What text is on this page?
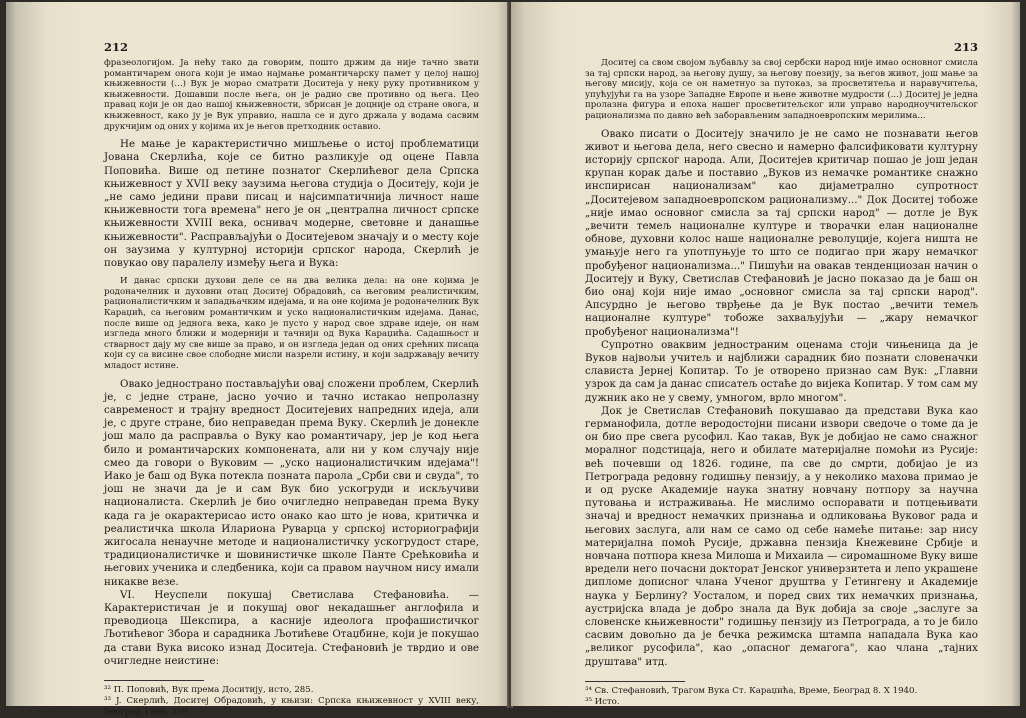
212

фразеологијом. Ја нећу тако да говорим, пошто држим да није тачно звати романтичарем оногa који je имао најмање романтичарску памет у целој нашој књижевности (...) Вук je морао сматрати Доситеја у неку руку противником у књижевности. Дошавши после њега, он je радио све противно од њега. Цео правац који je он дао нашој књижевности, збрисан je доцније од стране овога, и књижевност, како jу je Вук управио, нашла се и дуго држала у водама сасвим друкчијим од оних у којима их je његов претходник оставио.

Не мање je карактеристично мишљење о истој проблематици Јована Скерлића, које се битно разликује од оцене Павла Поповића. Више од петине познатог Скерлићевог дела Српска књижевност у XVII веку заузима његова студија о Доситеју, који je „не само једини прави писац и најсимпатичнија личност наше књижевности тога времена" него je он „централна личност српске књижевности XVIII века, оснивач модерне, световне и данашње књижевности". Расправљајући о Доситејевом значају и о месту које он заузима у културној историји српског народа, Скерлић je повукао ову паралелу између њега и Вука:

И данас српски духови деле се на два велика дела: на оне којима je родоначелник и духовни отац Доситеј Обрадовић, са његовим реалистичким, рационалистичким и западњачким идејама, и на оне којима je родоначелник Вук Караџић, са његовим романтичким и уско националистичким идејама. Данас, после више од једнога века, како je пусто у народ свое здраве идеје, он нам изгледа много ближи и модернији и тачнији од Вука Караџића. Садашњост и стварност дају му све више за право, и он изгледа један од оних срећних писаца који су са висине свое слободне мисли назрели истину, и који задржавају вечиту младост истине.

Овако једнострано постављајући овај сложени проблем, Скерлић je, с једне стране, јасно уочио и тачно истакао непролазну савременост и трајну вредност Доситејевих напредних идеја, али je, с друге стране, био неправедан према Вуку. Скерлић je донекле још мало да расправља о Вуку као романтичару, јер je код њега било и романтичарских компонената, али ни у ком случају није смео да говори о Вуковим — „уско националистичким идејама"! Иако je баш од Вука потекла позната парола „Срби сви и свуда", то још не значи да je и сам Вук био ускогруди и искључиви националиста. Скерлић je био очигледно неправедан према Вуку када га je окарактерисао исто онако као што je нова, критичка и реалистичка школа Илариона Руварца у српској историографији жигосала ненаучне методе и националистичку ускогрудост старе, традиционалистичке и шовинистичке школе Панте Срећковића и његових ученика и следбеника, који са правом научном нису имали никакве везе.

VI. Неуспели покушај Светислава Стефановића. — Карактеристичан je и покушај овог некадашњег англофила и преводиоца Шекспира, а касније идеолога профашистичког Љотићевог Збора и сарадника Љотићеве Отаџбине, који je покушао да стави Вука високо изнад Доситеја. Стефановић je тврдио и ове очигледне неистине:

³² П. Поповић, Вук према Доситију, исто, 285.

³³ J. Скерлић, Доситеј Обрадовић, у књизи: Српска књижевност у XVIII веку, Београд 1966, 359.

213

Доситеј са свом својом љубављу за свој сербски народ није имао основног смисла за тај српски народ, за његову душу, за његову поезију, за његов живот, још мање за његову мисију, која се он наметнуо за путоказ, за просветитеља и наравучитеља, упућујући га на узоре Западне Европе и њене животне мудрости (...) Доситеј je једна пролазна фигура и епоха нашег просветитељског или управо народноучитељског рационализма по давно већ заборављеним западноевропским мерилима...

Овако писати о Доситеју значило je не само не познавати његов живот и његова дела, него свесно и намерно фалсификовати културну историју српског народа. Али, Доситејев критичар пошао je још један крупан корак даље и поставио „Вуков из немачке романтике снажно инспирисан национализам" као дијаметрално супротност „Доситејевом западноевропском рационализму..." Док Доситеј тобоже „није имао основног смисла за тај српски народ" — дотле je Вук „вечити темељ националне културе и творачки елан националне обнове, духовни колос наше националне револуције, којега ништа не умањује него га употпуњује то што се подигао при жару немачког пробуђеног национализма..." Пишући на овакав тенденциозан начин о Доситеју и Вуку, Светислав Стефановић je јасно показао да je баш он био онај који није имао „основног смисла за тај српски народ". Апсурдно je његово тврђење да je Вук постао „вечити темељ националне културе" тобоже захваљујући — „жару немачког пробуђеног национализма"!

Супротно оваквим једностраним оценама стоји чињеница да je Вуков највољи учитељ и најближи сарадник био познати словеначки слависта Јернеј Копитар. То je отворено признао сам Вук: „Главни узрок да сам ја данас списатељ остаће до вијека Копитар. У том сам му дужник ако не у свему, умногом, врло многом".

Док je Светислав Стефановић покушавао да представи Вука као германофила, дотле веродостојни писани извори сведоче о томе да je он био пре свега русофил. Као такав, Вук je добијао не само снажног моралног подстицаја, него и обилате материјалне помоћи из Русије: већ почевши од 1826. године, па све до смрти, добијао je из Петрограда редовну годишњу пензију, а у неколико махова примао je и од руске Академије наука знатну новчану потпору за научна путовања и истраживања. Не мислимо оспоравати и потцењивати значај и вредност немачких признања и одликовања Вуковог рада и његових заслуга, али нам се само од себе намеће питање: зар нису материјална помоћ Русије, државна пензија Кнежевине Србије и новчана потпора кнеза Милоша и Михаила — сиромашноме Вуку више вредели него почасни докторат Јенског универзитета и лепо украшене дипломе дописног члана Ученог друштва у Гетингену и Академије наука у Берлину? Уосталом, и поред свих тих немачких признања, аустријска влада je добро знала да Вук добија за своје „заслуге за словенске књижевности" годишњу пензију из Петрограда, а то je било сасвим довољно да je бечка режимска штампа нападала Вука као „великог русофила", као „опасног демагога", као члана „тајних друштава" итд.

³⁴ Св. Стефановић, Трагом Вука Ст. Караџића, Време, Београд 8. X 1940.

³⁵ Исто.
